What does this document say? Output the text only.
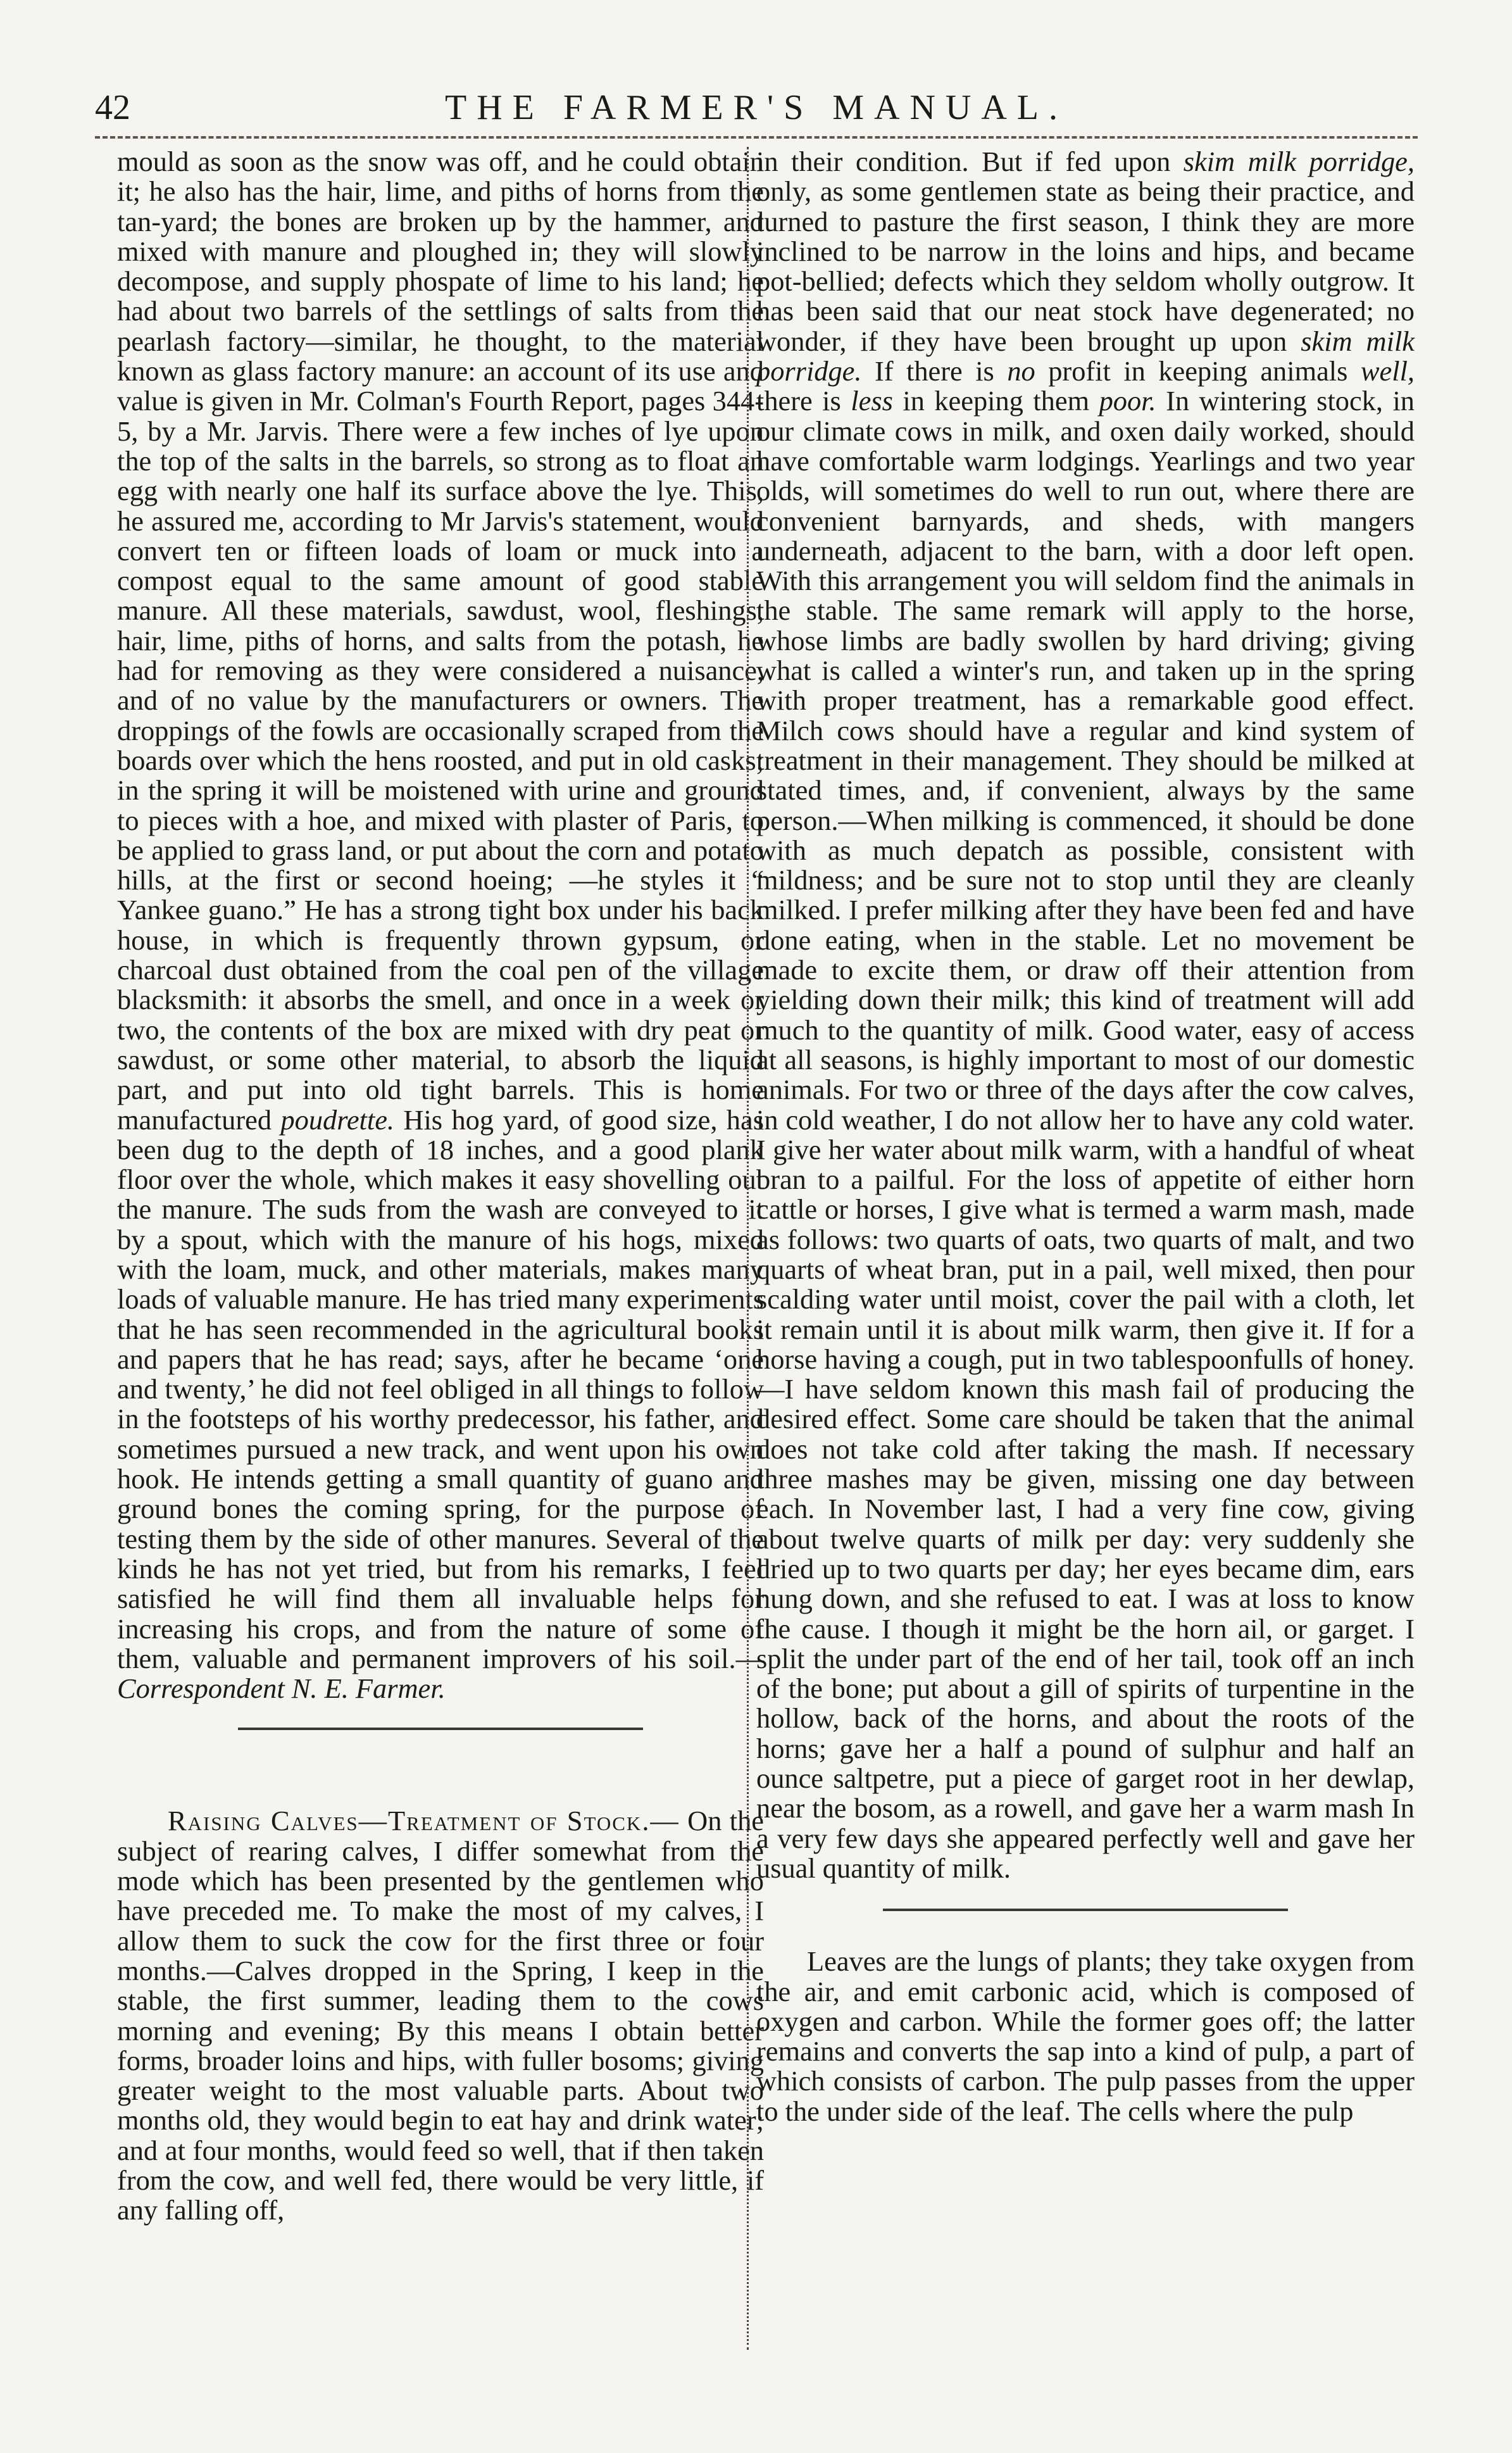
42	THE FARMER'S MANUAL.

mould as soon as the snow was off, and he could obtain it; he also has the hair, lime, and piths of horns from the tan-yard; the bones are broken up by the hammer, and mixed with manure and ploughed in; they will slowly decompose, and supply phospate of lime to his land; he had about two barrels of the settlings of salts from the pearlash factory—similar, he thought, to the material known as glass factory manure: an account of its use and value is given in Mr. Colman's Fourth Report, pages 344-5, by a Mr. Jarvis. There were a few inches of lye upon the top of the salts in the barrels, so strong as to float an egg with nearly one half its surface above the lye. This, he assured me, according to Mr Jarvis's statement, would convert ten or fifteen loads of loam or muck into a compost equal to the same amount of good stable manure. All these materials, sawdust, wool, fleshings, hair, lime, piths of horns, and salts from the potash, he had for removing as they were considered a nuisance, and of no value by the manufacturers or owners. The droppings of the fowls are occasionally scraped from the boards over which the hens roosted, and put in old casks; in the spring it will be moistened with urine and ground to pieces with a hoe, and mixed with plaster of Paris, to be applied to grass land, or put about the corn and potato hills, at the first or second hoeing; —he styles it “ Yankee guano.” He has a strong tight box under his back house, in which is frequently thrown gypsum, or charcoal dust obtained from the coal pen of the village blacksmith: it absorbs the smell, and once in a week or two, the contents of the box are mixed with dry peat or sawdust, or some other material, to absorb the liquid part, and put into old tight barrels. This is home manufactured poudrette. His hog yard, of good size, has been dug to the depth of 18 inches, and a good plank floor over the whole, which makes it easy shovelling out the manure. The suds from the wash are conveyed to it by a spout, which with the manure of his hogs, mixed with the loam, muck, and other materials, makes many loads of valuable manure. He has tried many experiments that he has seen recommended in the agricultural books and papers that he has read; says, after he became ‘one and twenty,’ he did not feel obliged in all things to follow in the footsteps of his worthy predecessor, his father, and sometimes pursued a new track, and went upon his own hook. He intends getting a small quantity of guano and ground bones the coming spring, for the purpose of testing them by the side of other manures. Several of the kinds he has not yet tried, but from his remarks, I feel satisfied he will find them all invaluable helps for increasing his crops, and from the nature of some of them, valuable and permanent improvers of his soil.—Correspondent N. E. Farmer.

Raising Calves—Treatment of Stock.— On the subject of rearing calves, I differ somewhat from the mode which has been presented by the gentlemen who have preceded me. To make the most of my calves, I allow them to suck the cow for the first three or four months.—Calves dropped in the Spring, I keep in the stable, the first summer, leading them to the cows morning and evening; By this means I obtain better forms, broader loins and hips, with fuller bosoms; giving greater weight to the most valuable parts. About two months old, they would begin to eat hay and drink water; and at four months, would feed so well, that if then taken from the cow, and well fed, there would be very little, if any falling off,

in their condition. But if fed upon skim milk porridge, only, as some gentlemen state as being their practice, and turned to pasture the first season, I think they are more inclined to be narrow in the loins and hips, and became pot-bellied; defects which they seldom wholly outgrow. It has been said that our neat stock have degenerated; no wonder, if they have been brought up upon skim milk porridge. If there is no profit in keeping animals well, there is less in keeping them poor. In wintering stock, in our climate cows in milk, and oxen daily worked, should have comfortable warm lodgings. Yearlings and two year olds, will sometimes do well to run out, where there are convenient barnyards, and sheds, with mangers underneath, adjacent to the barn, with a door left open. With this arrangement you will seldom find the animals in the stable. The same remark will apply to the horse, whose limbs are badly swollen by hard driving; giving what is called a winter's run, and taken up in the spring with proper treatment, has a remarkable good effect. Milch cows should have a regular and kind system of treatment in their management. They should be milked at stated times, and, if convenient, always by the same person.—When milking is commenced, it should be done with as much depatch as possible, consistent with mildness; and be sure not to stop until they are cleanly milked. I prefer milking after they have been fed and have done eating, when in the stable. Let no movement be made to excite them, or draw off their attention from yielding down their milk; this kind of treatment will add much to the quantity of milk. Good water, easy of access at all seasons, is highly important to most of our domestic animals. For two or three of the days after the cow calves, in cold weather, I do not allow her to have any cold water. I give her water about milk warm, with a handful of wheat bran to a pailful. For the loss of appetite of either horn cattle or horses, I give what is termed a warm mash, made as follows: two quarts of oats, two quarts of malt, and two quarts of wheat bran, put in a pail, well mixed, then pour scalding water until moist, cover the pail with a cloth, let it remain until it is about milk warm, then give it. If for a horse having a cough, put in two tablespoonfulls of honey.—I have seldom known this mash fail of producing the desired effect. Some care should be taken that the animal does not take cold after taking the mash. If necessary three mashes may be given, missing one day between each. In November last, I had a very fine cow, giving about twelve quarts of milk per day: very suddenly she dried up to two quarts per day; her eyes became dim, ears hung down, and she refused to eat. I was at loss to know the cause. I though it might be the horn ail, or garget. I split the under part of the end of her tail, took off an inch of the bone; put about a gill of spirits of turpentine in the hollow, back of the horns, and about the roots of the horns; gave her a half a pound of sulphur and half an ounce saltpetre, put a piece of garget root in her dewlap, near the bosom, as a rowell, and gave her a warm mash In a very few days she appeared perfectly well and gave her usual quantity of milk.

Leaves are the lungs of plants; they take oxygen from the air, and emit carbonic acid, which is composed of oxygen and carbon. While the former goes off; the latter remains and converts the sap into a kind of pulp, a part of which consists of carbon. The pulp passes from the upper to the under side of the leaf. The cells where the pulp
